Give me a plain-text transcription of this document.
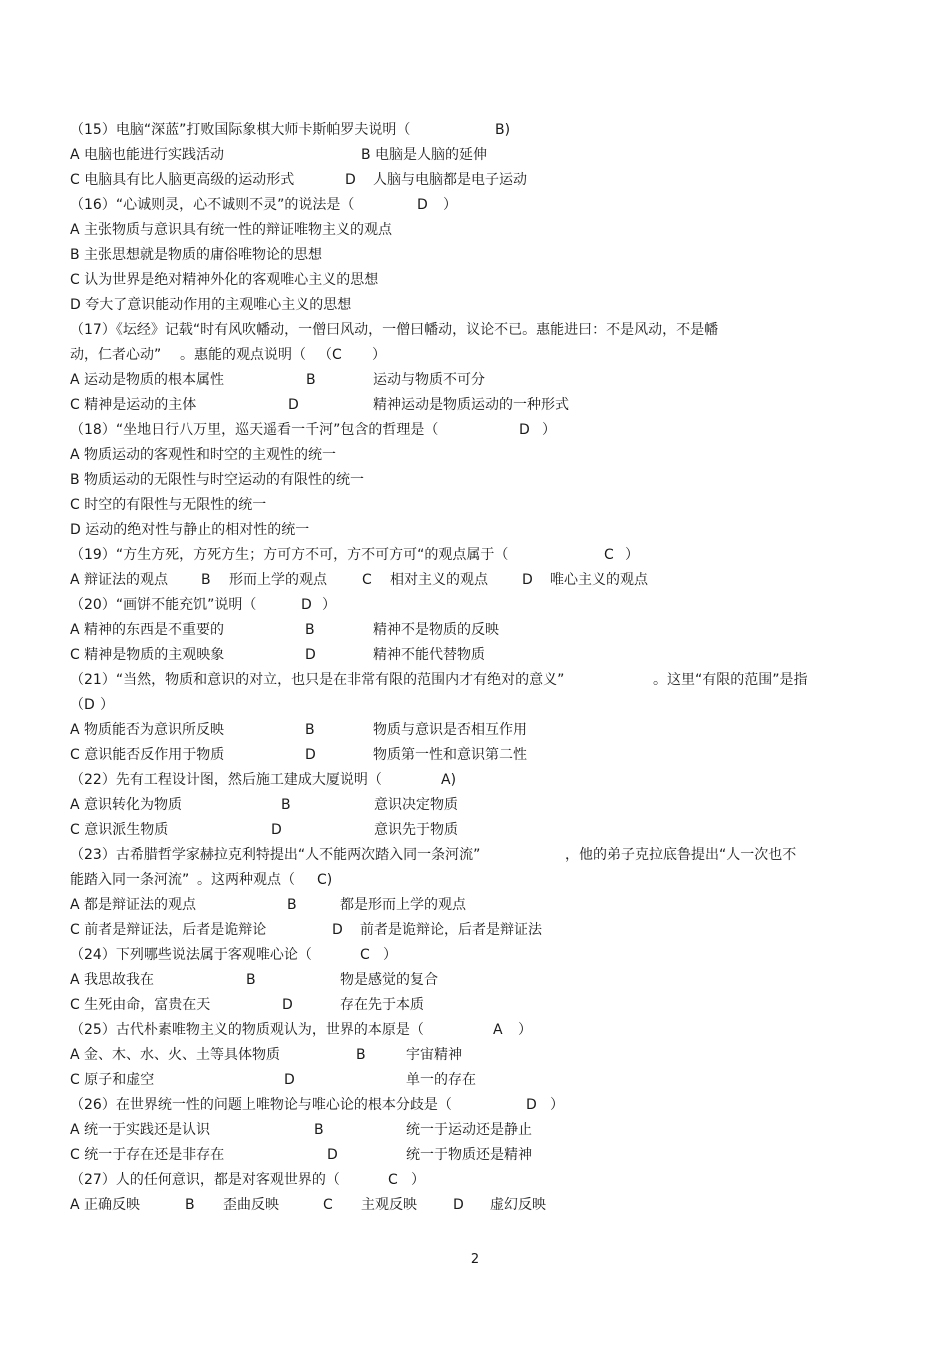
（15）电脑“深蓝”打败国际象棋大师卡斯帕罗夫说明（	B)
A 电脑也能进行实践活动	B 电脑是人脑的延伸
C 电脑具有比人脑更高级的运动形式	D 人脑与电脑都是电子运动
（16）“心诚则灵，心不诚则不灵”的说法是（	D ）
A 主张物质与意识具有统一性的辩证唯物主义的观点
B 主张思想就是物质的庸俗唯物论的思想
C 认为世界是绝对精神外化的客观唯心主义的思想
D 夸大了意识能动作用的主观唯心主义的思想
（17）《坛经》记载“时有风吹幡动，一僧曰风动，一僧曰幡动，议论不已。惠能进曰：不是风动，不是幡
动，仁者心动” 。惠能的观点说明（ （C ）
A 运动是物质的根本属性	B	运动与物质不可分
C 精神是运动的主体	D	精神运动是物质运动的一种形式
（18）“坐地日行八万里，巡天遥看一千河”包含的哲理是（	D ）
A 物质运动的客观性和时空的主观性的统一
B 物质运动的无限性与时空运动的有限性的统一
C 时空的有限性与无限性的统一
D 运动的绝对性与静止的相对性的统一
（19）“方生方死，方死方生；方可方不可，方不可方可“的观点属于（	C ）
A 辩证法的观点 B 形而上学的观点	C 相对主义的观点 D 唯心主义的观点
（20）“画饼不能充饥”说明（	D ）
A 精神的东西是不重要的	B	精神不是物质的反映
C 精神是物质的主观映象	D	精神不能代替物质
（21）“当然，物质和意识的对立，也只是在非常有限的范围内才有绝对的意义”	。这里“有限的范围”是指
（D ）
A 物质能否为意识所反映	B	物质与意识是否相互作用
C 意识能否反作用于物质	D	物质第一性和意识第二性
（22）先有工程设计图，然后施工建成大厦说明（	A)
A 意识转化为物质	B	意识决定物质
C 意识派生物质	D	意识先于物质
（23）古希腊哲学家赫拉克利特提出“人不能两次踏入同一条河流”	，他的弟子克拉底鲁提出“人一次也不
能踏入同一条河流” 。这两种观点（ C)
A 都是辩证法的观点	B	都是形而上学的观点
C 前者是辩证法，后者是诡辩论	D 前者是诡辩论，后者是辩证法
（24）下列哪些说法属于客观唯心论（	C ）
A 我思故我在	B	物是感觉的复合
C 生死由命，富贵在天	D	存在先于本质
（25）古代朴素唯物主义的物质观认为，世界的本原是（	A ）
A 金、木、水、火、土等具体物质	B	宇宙精神
C 原子和虚空	D	单一的存在
（26）在世界统一性的问题上唯物论与唯心论的根本分歧是（	D ）
A 统一于实践还是认识	B	统一于运动还是静止
C 统一于存在还是非存在	D	统一于物质还是精神
（27）人的任何意识，都是对客观世界的（	C ）
A 正确反映	B 歪曲反映	C 主观反映	D 虚幻反映
2
